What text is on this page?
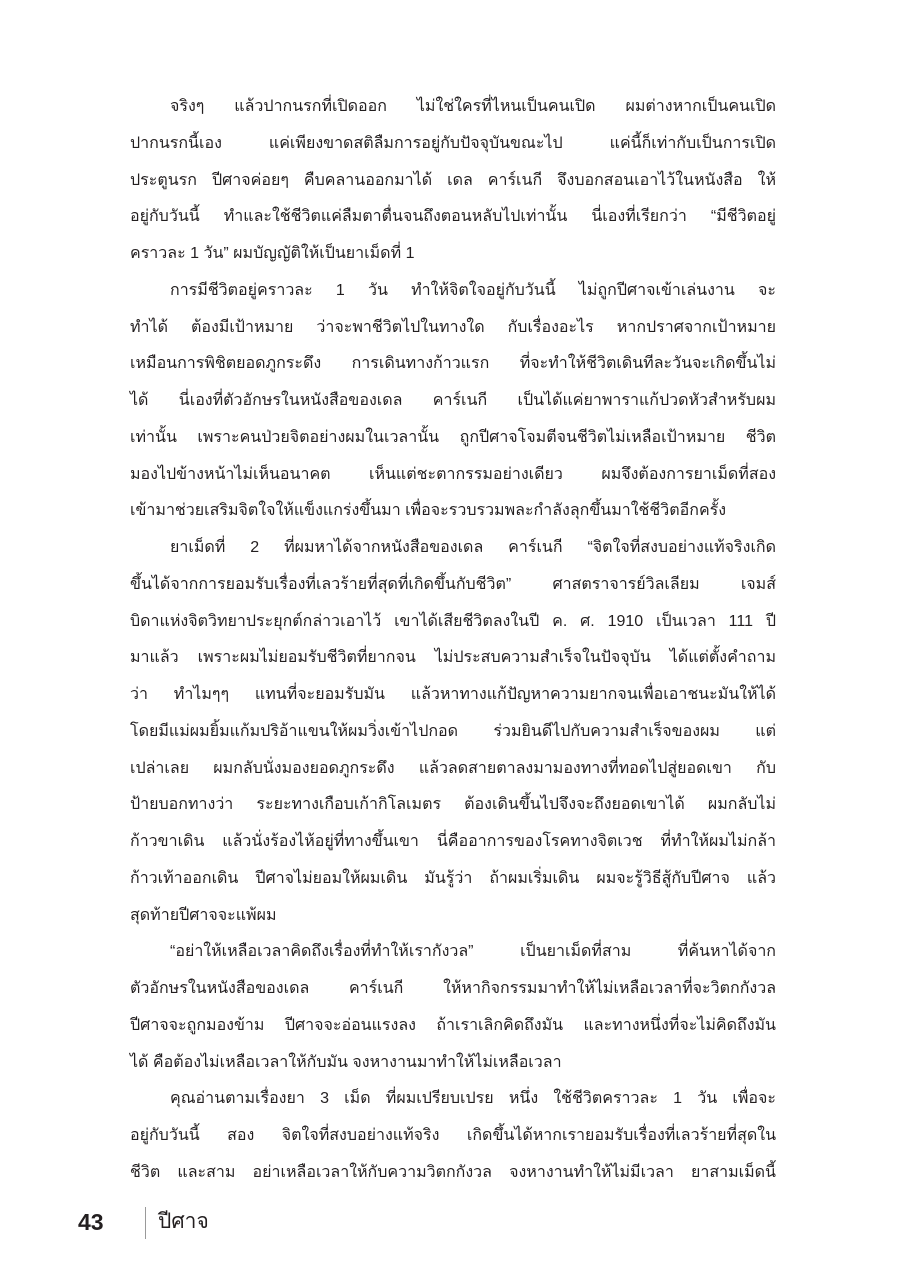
จริงๆ แล้วปากนรกที่เปิดออก ไม่ใช่ใครที่ไหนเป็นคนเปิด ผมต่างหากเป็นคนเปิด
ปากนรกนี้เอง แค่เพียงขาดสติลืมการอยู่กับปัจจุบันขณะไป แค่นี้ก็เท่ากับเป็นการเปิด
ประตูนรก ปีศาจค่อยๆ คืบคลานออกมาได้ เดล คาร์เนกี จึงบอกสอนเอาไว้ในหนังสือ ให้
อยู่กับวันนี้ ทำและใช้ชีวิตแค่ลืมตาตื่นจนถึงตอนหลับไปเท่านั้น นี่เองที่เรียกว่า “มีชีวิตอยู่
คราวละ 1 วัน” ผมบัญญัติให้เป็นยาเม็ดที่ 1
การมีชีวิตอยู่คราวละ 1 วัน ทำให้จิตใจอยู่กับวันนี้ ไม่ถูกปีศาจเข้าเล่นงาน จะ
ทำได้ ต้องมีเป้าหมาย ว่าจะพาชีวิตไปในทางใด กับเรื่องอะไร หากปราศจากเป้าหมาย
เหมือนการพิชิตยอดภูกระดึง การเดินทางก้าวแรก ที่จะทำให้ชีวิตเดินทีละวันจะเกิดขึ้นไม่
ได้ นี่เองที่ตัวอักษรในหนังสือของเดล คาร์เนกี เป็นได้แค่ยาพาราแก้ปวดหัวสำหรับผม
เท่านั้น เพราะคนป่วยจิตอย่างผมในเวลานั้น ถูกปีศาจโจมตีจนชีวิตไม่เหลือเป้าหมาย ชีวิต
มองไปข้างหน้าไม่เห็นอนาคต เห็นแต่ชะตากรรมอย่างเดียว ผมจึงต้องการยาเม็ดที่สอง
เข้ามาช่วยเสริมจิตใจให้แข็งแกร่งขึ้นมา เพื่อจะรวบรวมพละกำลังลุกขึ้นมาใช้ชีวิตอีกครั้ง
ยาเม็ดที่ 2 ที่ผมหาได้จากหนังสือของเดล คาร์เนกี “จิตใจที่สงบอย่างแท้จริงเกิด
ขึ้นได้จากการยอมรับเรื่องที่เลวร้ายที่สุดที่เกิดขึ้นกับชีวิต” ศาสตราจารย์วิลเลียม เจมส์
บิดาแห่งจิตวิทยาประยุกต์กล่าวเอาไว้ เขาได้เสียชีวิตลงในปี ค. ศ. 1910 เป็นเวลา 111 ปี
มาแล้ว เพราะผมไม่ยอมรับชีวิตที่ยากจน ไม่ประสบความสำเร็จในปัจจุบัน ได้แต่ตั้งคำถาม
ว่า ทำไมๆๆ แทนที่จะยอมรับมัน แล้วหาทางแก้ปัญหาความยากจนเพื่อเอาชนะมันให้ได้
โดยมีแม่ผมยิ้มแก้มปริอ้าแขนให้ผมวิ่งเข้าไปกอด ร่วมยินดีไปกับความสำเร็จของผม แต่
เปล่าเลย ผมกลับนั่งมองยอดภูกระดึง แล้วลดสายตาลงมามองทางที่ทอดไปสู่ยอดเขา กับ
ป้ายบอกทางว่า ระยะทางเกือบเก้ากิโลเมตร ต้องเดินขึ้นไปจึงจะถึงยอดเขาได้ ผมกลับไม่
ก้าวขาเดิน แล้วนั่งร้องไห้อยู่ที่ทางขึ้นเขา นี่คืออาการของโรคทางจิตเวช ที่ทำให้ผมไม่กล้า
ก้าวเท้าออกเดิน ปีศาจไม่ยอมให้ผมเดิน มันรู้ว่า ถ้าผมเริ่มเดิน ผมจะรู้วิธีสู้กับปีศาจ แล้ว
สุดท้ายปีศาจจะแพ้ผม
“อย่าให้เหลือเวลาคิดถึงเรื่องที่ทำให้เรากังวล” เป็นยาเม็ดที่สาม ที่ค้นหาได้จาก
ตัวอักษรในหนังสือของเดล คาร์เนกี ให้หากิจกรรมมาทำให้ไม่เหลือเวลาที่จะวิตกกังวล
ปีศาจจะถูกมองข้าม ปีศาจจะอ่อนแรงลง ถ้าเราเลิกคิดถึงมัน และทางหนึ่งที่จะไม่คิดถึงมัน
ได้ คือต้องไม่เหลือเวลาให้กับมัน จงหางานมาทำให้ไม่เหลือเวลา
คุณอ่านตามเรื่องยา 3 เม็ด ที่ผมเปรียบเปรย หนึ่ง ใช้ชีวิตคราวละ 1 วัน เพื่อจะ
อยู่กับวันนี้ สอง จิตใจที่สงบอย่างแท้จริง เกิดขึ้นได้หากเรายอมรับเรื่องที่เลวร้ายที่สุดใน
ชีวิต และสาม อย่าเหลือเวลาให้กับความวิตกกังวล จงหางานทำให้ไม่มีเวลา ยาสามเม็ดนี้
43	ปีศาจ
